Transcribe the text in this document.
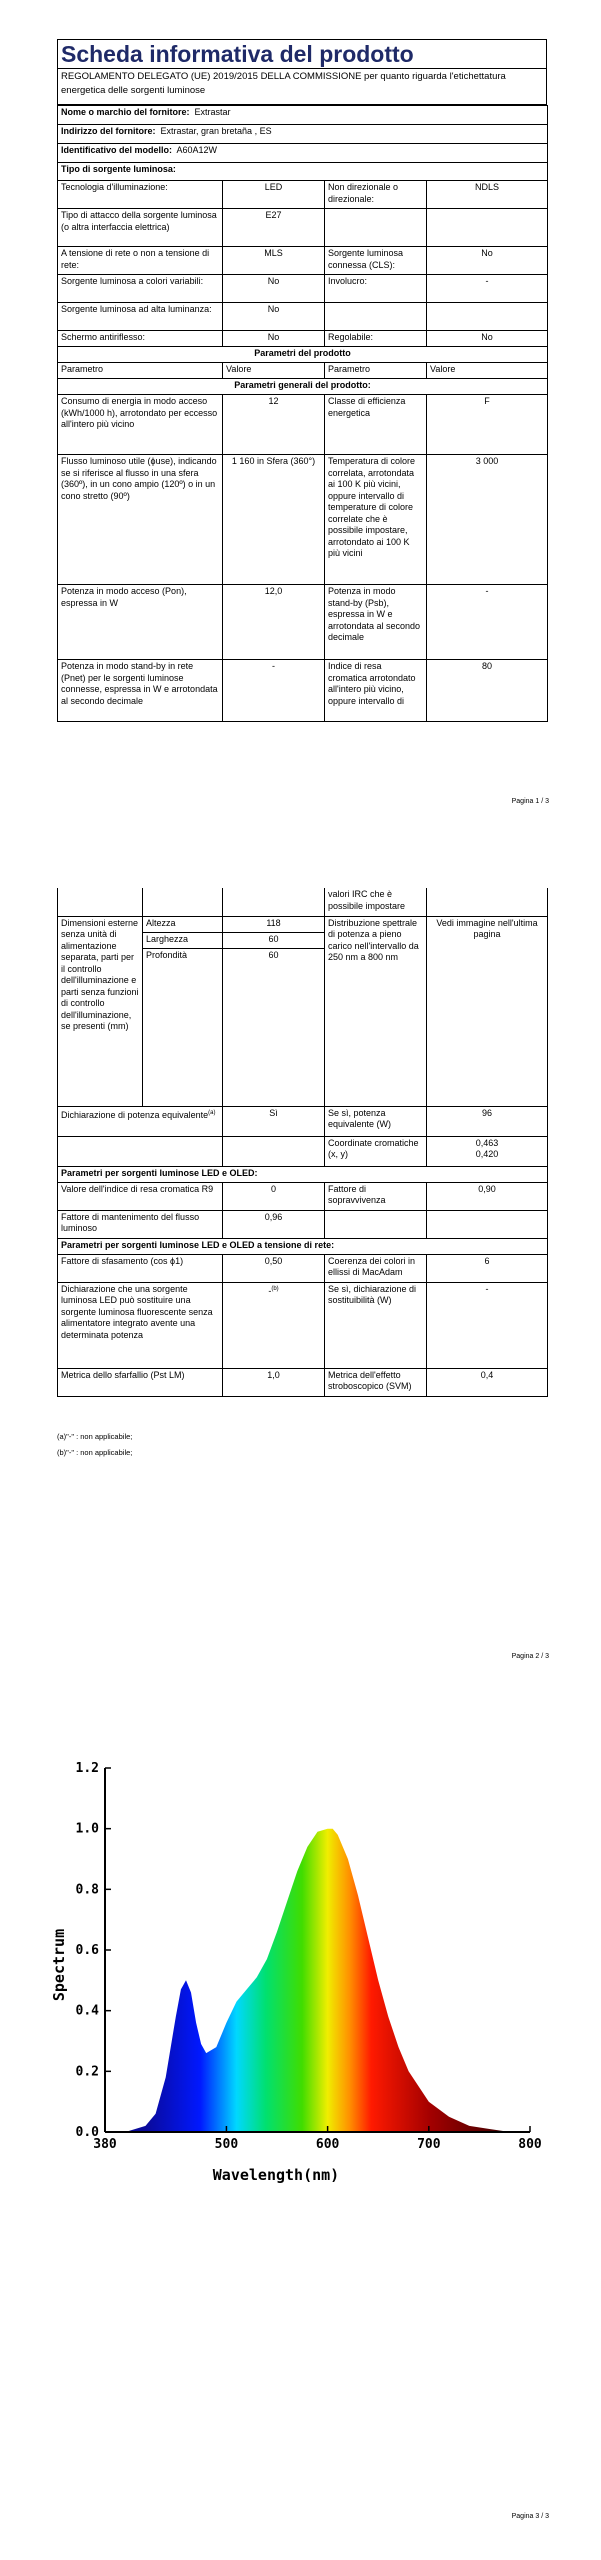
Scheda informativa del prodotto
REGOLAMENTO DELEGATO (UE) 2019/2015 DELLA COMMISSIONE per quanto riguarda l'etichettatura energetica delle sorgenti luminose
Nome o marchio del fornitore: Extrastar			
Indirizzo del fornitore: Extrastar, gran bretaña , ES			
Identificativo del modello: A60A12W			
Tipo di sorgente luminosa:			
Tecnologia d'illuminazione:	LED	Non direzionale o direzionale:	NDLS
Tipo di attacco della sorgente luminosa
(o altra interfaccia elettrica)	E27		
A tensione di rete o non a tensione di rete:	MLS	Sorgente luminosa connessa (CLS):	No
Sorgente luminosa a colori variabili:	No	Involucro:	-
Sorgente luminosa ad alta luminanza:	No		
Schermo antiriflesso:	No	Regolabile:	No
Parametri del prodotto			
Parametro	Valore	Parametro	Valore
Parametri generali del prodotto:			
Consumo di energia in modo acceso (kWh/1000 h), arrotondato per eccesso all'intero più vicino	12	Classe di efficienza energetica	F
Flusso luminoso utile (ϕuse), indicando se si riferisce al flusso in una sfera (360º), in un cono ampio (120º) o in un cono stretto (90º)	1 160 in Sfera (360°)	Temperatura di colore correlata, arrotondata ai 100 K più vicini, oppure intervallo di temperature di colore correlate che è possibile impostare, arrotondato ai 100 K più vicini	3 000
Potenza in modo acceso (Pon), espressa in W	12,0	Potenza in modo stand-by (Psb), espressa in W e arrotondata al secondo decimale	-
Potenza in modo stand-by in rete (Pnet) per le sorgenti luminose connesse, espressa in W e arrotondata al secondo decimale	-	Indice di resa cromatica arrotondato all'intero più vicino, oppure intervallo di	80
Pagina 1 / 3
			valori IRC che è possibile impostare	
Dimensioni esterne senza unità di alimentazione separata, parti per il controllo dell'illuminazione e parti senza funzioni di controllo dell'illuminazione, se presenti (mm)	Altezza	118	Distribuzione spettrale di potenza a pieno carico nell'intervallo da 250 nm a 800 nm	Vedi immagine nell'ultima pagina
	Larghezza	60		
	Profondità	60		
Dichiarazione di potenza equivalente$^{(a)}$		Sì	Se sì, potenza equivalente (W)	96
			Coordinate cromatiche (x, y)	0,463
0,420
Parametri per sorgenti luminose LED e OLED:				
Valore dell'indice di resa cromatica R9		0	Fattore di sopravvivenza	0,90
Fattore di mantenimento del flusso luminoso		0,96		
Parametri per sorgenti luminose LED e OLED a tensione di rete:				
Fattore di sfasamento (cos ϕ1)		0,50	Coerenza dei colori in ellissi di MacAdam	6
Dichiarazione che una sorgente luminosa LED può sostituire una sorgente luminosa fluorescente senza alimentatore integrato avente una determinata potenza		-$^{(b)}$	Se sì, dichiarazione di sostituibilità (W)	-
Metrica dello sfarfallio (Pst LM)		1,0	Metrica dell'effetto stroboscopico (SVM)	0,4
(a)"-" : non applicabile;
(b)"-" : non applicabile;
Pagina 2 / 3
380	500	600	700	800
0.0
0.2
0.4
0.6
0.8
1.0
1.2
Spectrum
Wavelength(nm)
Pagina 3 / 3
